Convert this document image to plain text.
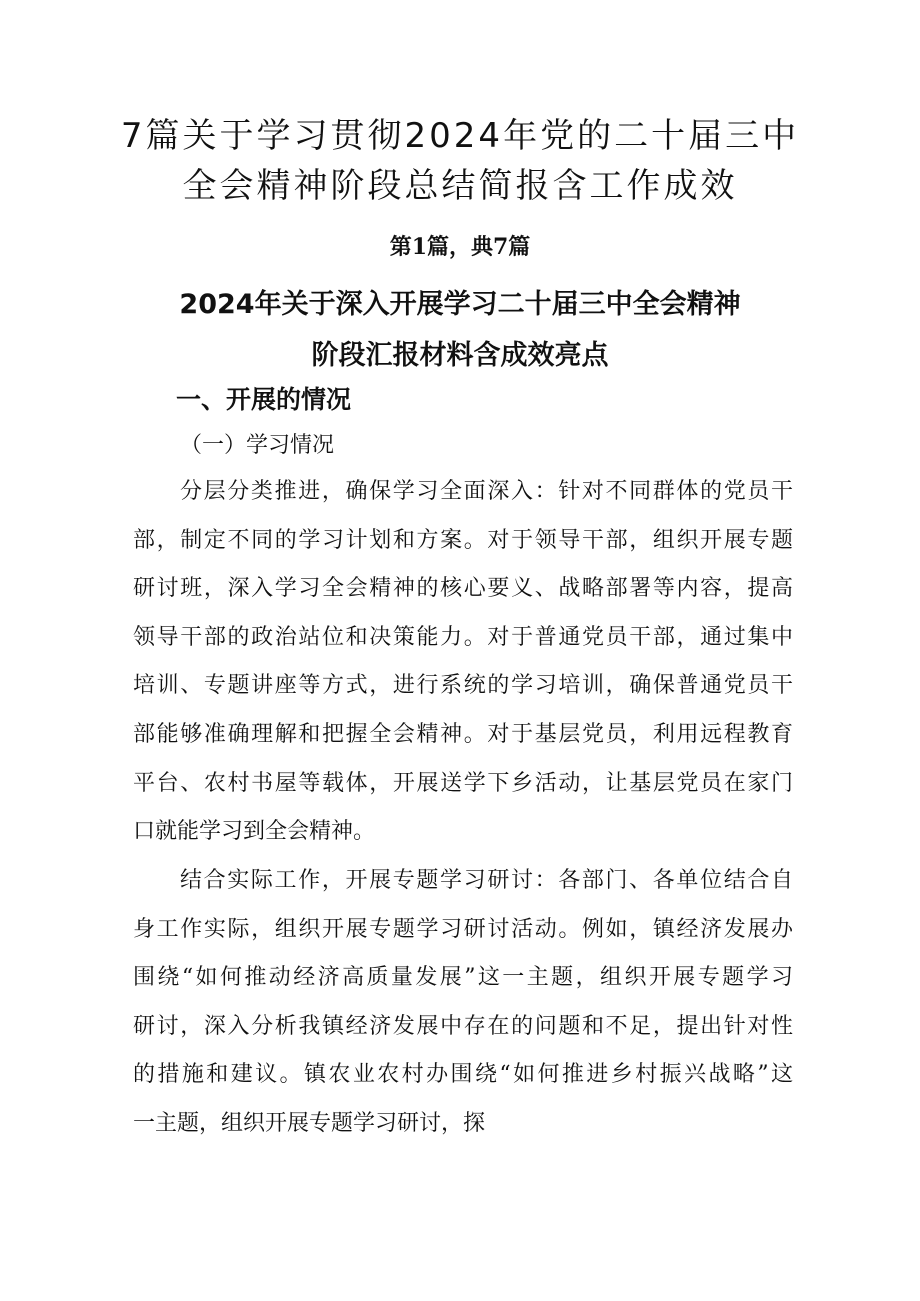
7篇关于学习贯彻2024年党的二十届三中
全会精神阶段总结简报含工作成效
第1篇，典7篇
2024年关于深入开展学习二十届三中全会精神
阶段汇报材料含成效亮点
一、开展的情况
（一）学习情况
分层分类推进，确保学习全面深入：针对不同群体的党员干
部，制定不同的学习计划和方案。对于领导干部，组织开展专题
研讨班，深入学习全会精神的核心要义、战略部署等内容，提高
领导干部的政治站位和决策能力。对于普通党员干部，通过集中
培训、专题讲座等方式，进行系统的学习培训，确保普通党员干
部能够准确理解和把握全会精神。对于基层党员，利用远程教育
平台、农村书屋等载体，开展送学下乡活动，让基层党员在家门
口就能学习到全会精神。
结合实际工作，开展专题学习研讨：各部门、各单位结合自
身工作实际，组织开展专题学习研讨活动。例如，镇经济发展办
围绕“如何推动经济高质量发展”这一主题，组织开展专题学习
研讨，深入分析我镇经济发展中存在的问题和不足，提出针对性
的措施和建议。镇农业农村办围绕“如何推进乡村振兴战略”这
一主题，组织开展专题学习研讨，探
